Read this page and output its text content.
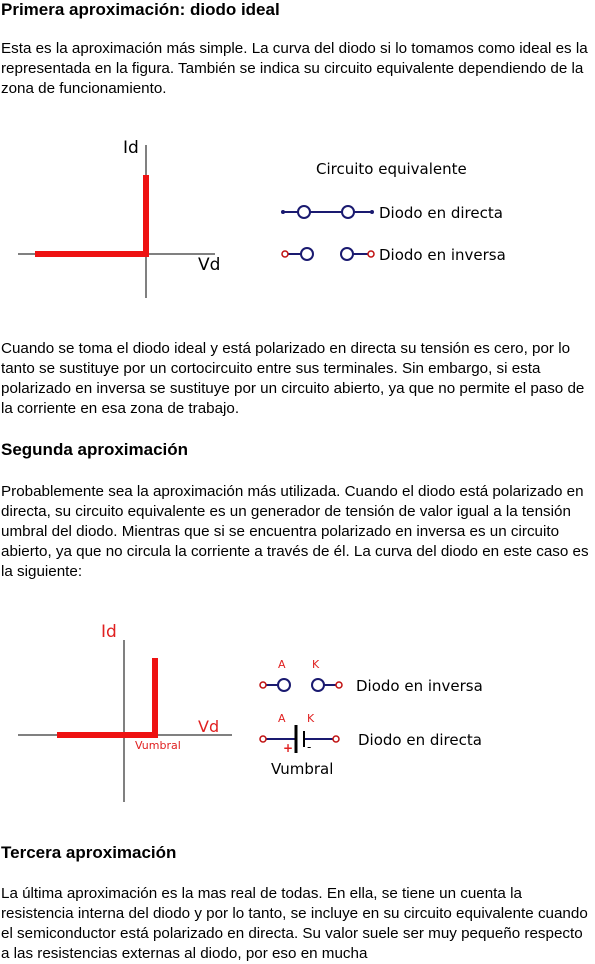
Primera aproximación: diodo ideal

Esta es la aproximación más simple. La curva del diodo si lo tomamos como ideal es la representada en la figura. También se indica su circuito equivalente dependiendo de la zona de funcionamiento.

Id
Vd
Circuito equivalente
Diodo en directa
Diodo en inversa

Cuando se toma el diodo ideal y está polarizado en directa su tensión es cero, por lo tanto se sustituye por un cortocircuito entre sus terminales. Sin embargo, si esta polarizado en inversa se sustituye por un circuito abierto, ya que no permite el paso de la corriente en esa zona de trabajo.

Segunda aproximación

Probablemente sea la aproximación más utilizada. Cuando el diodo está polarizado en directa, su circuito equivalente es un generador de tensión de valor igual a la tensión umbral del diodo. Mientras que si se encuentra polarizado en inversa es un circuito abierto, ya que no circula la corriente a través de él. La curva del diodo en este caso es la siguiente:

Id
Vd
Vumbral
A K
Diodo en inversa
A K
+ -	Diodo en directa
Vumbral
Tercera aproximación

La última aproximación es la mas real de todas. En ella, se tiene un cuenta la resistencia interna del diodo y por lo tanto, se incluye en su circuito equivalente cuando el semiconductor está polarizado en directa. Su valor suele ser muy pequeño respecto a las resistencias externas al diodo, por eso en mucha
